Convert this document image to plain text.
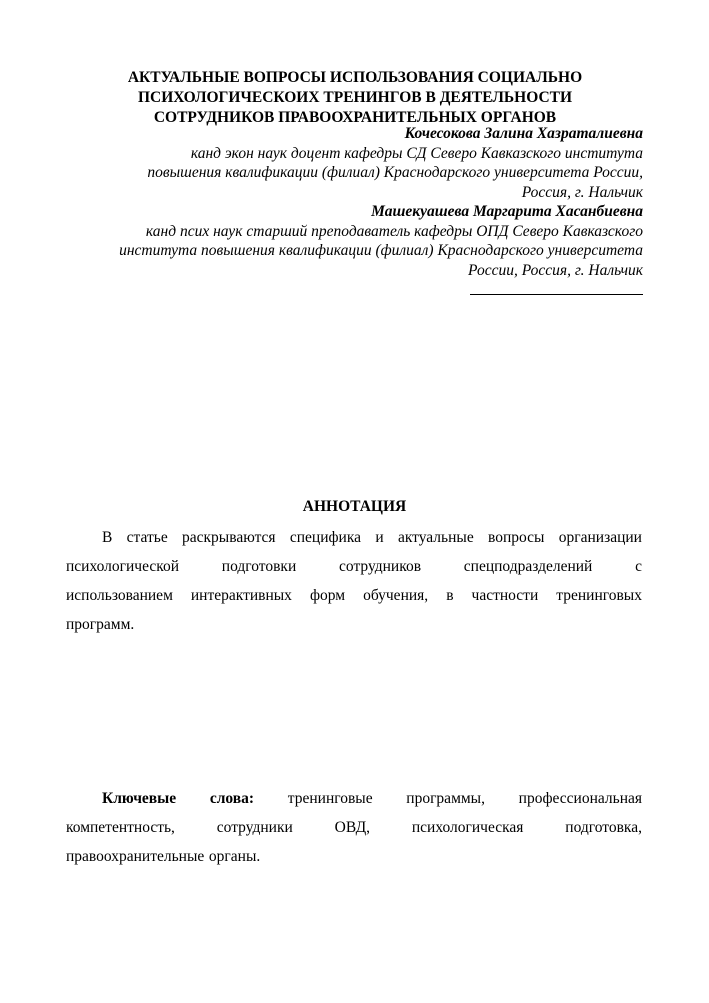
АКТУАЛЬНЫЕ ВОПРОСЫ ИСПОЛЬЗОВАНИЯ СОЦИАЛЬНО
ПСИХОЛОГИЧЕСКОИХ ТРЕНИНГОВ В ДЕЯТЕЛЬНОСТИ
СОТРУДНИКОВ ПРАВООХРАНИТЕЛЬНЫХ ОРГАНОВ
Кочесокова Залина Хазраталиевна
канд экон наук доцент кафедры СД Северо Кавказского института
повышения квалификации (филиал) Краснодарского университета России,
Россия, г. Нальчик
Машекуашева Маргарита Хасанбиевна
канд псих наук старший преподаватель кафедры ОПД Северо Кавказского
института повышения квалификации (филиал) Краснодарского университета
России, Россия, г. Нальчик
АННОТАЦИЯ
В статье раскрываются специфика и актуальные вопросы организации
психологической	подготовки	сотрудников	спецподразделений	с
использованием интерактивных форм обучения, в частности тренинговых
программ.
Ключевые слова: тренинговые программы, профессиональная
компетентность,	сотрудники	ОВД,	психологическая	подготовка,
правоохранительные органы.
